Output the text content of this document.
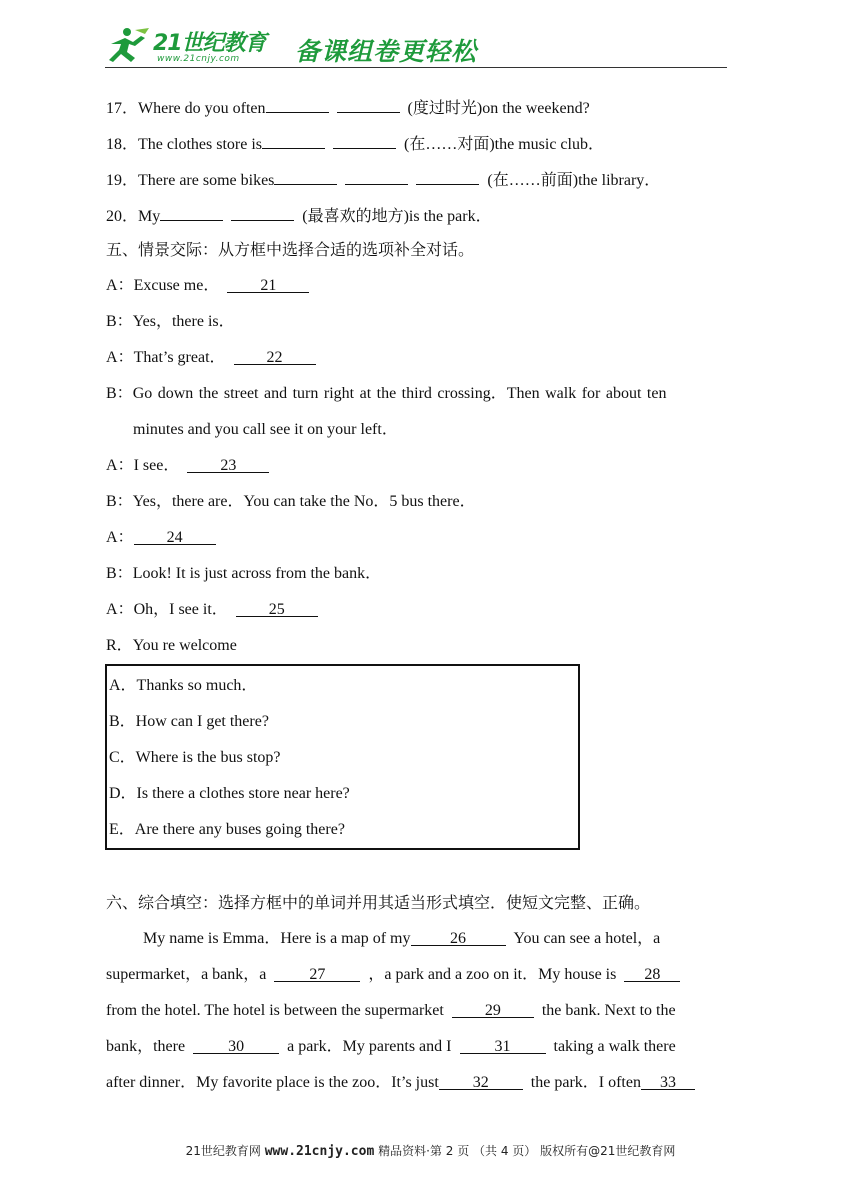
21世纪教育
www.21cnjy.com 备课组卷更轻松
17．Where do you often	(度过时光)on the weekend?
18．The clothes store is	(在……对面)the music club．
19．There are some bikes	(在……前面)the library．
20．My	(最喜欢的地方)is the park．
五、情景交际：从方框中选择合适的选项补全对话。
A：Excuse me．	21
B：Yes，there is．
A：That’s great．	22
B：Go down the street and turn right at the third crossing．Then walk for about ten
minutes and you call see it on your left．
A：I see．	23
B：Yes，there are．You can take the No．5 bus there．
A： 24
B：Look! It is just across from the bank．
A：Oh，I see it．	25
R．You re welcome
A．Thanks so much．
B．How can I get there?
C．Where is the bus stop?
D．Is there a clothes store near here?
E．Are there any buses going there?
六、综合填空：选择方框中的单词并用其适当形式填空．使短文完整、正确。
My name is Emma．Here is a map of my 26	You can see a hotel，a
supermarket，a bank，a	27	，a park and a zoo on it．My house is 28
from the hotel. The hotel is between the supermarket	29	the bank. Next to the
bank，there	30	a park．My parents and I	31	taking a walk there
after dinner．My favorite place is the zoo．It’s just 32	the park．I often 33
21世纪教育网 www.21cnjy.com 精品资料·第 2 页 （共 4 页） 版权所有@21世纪教育网
